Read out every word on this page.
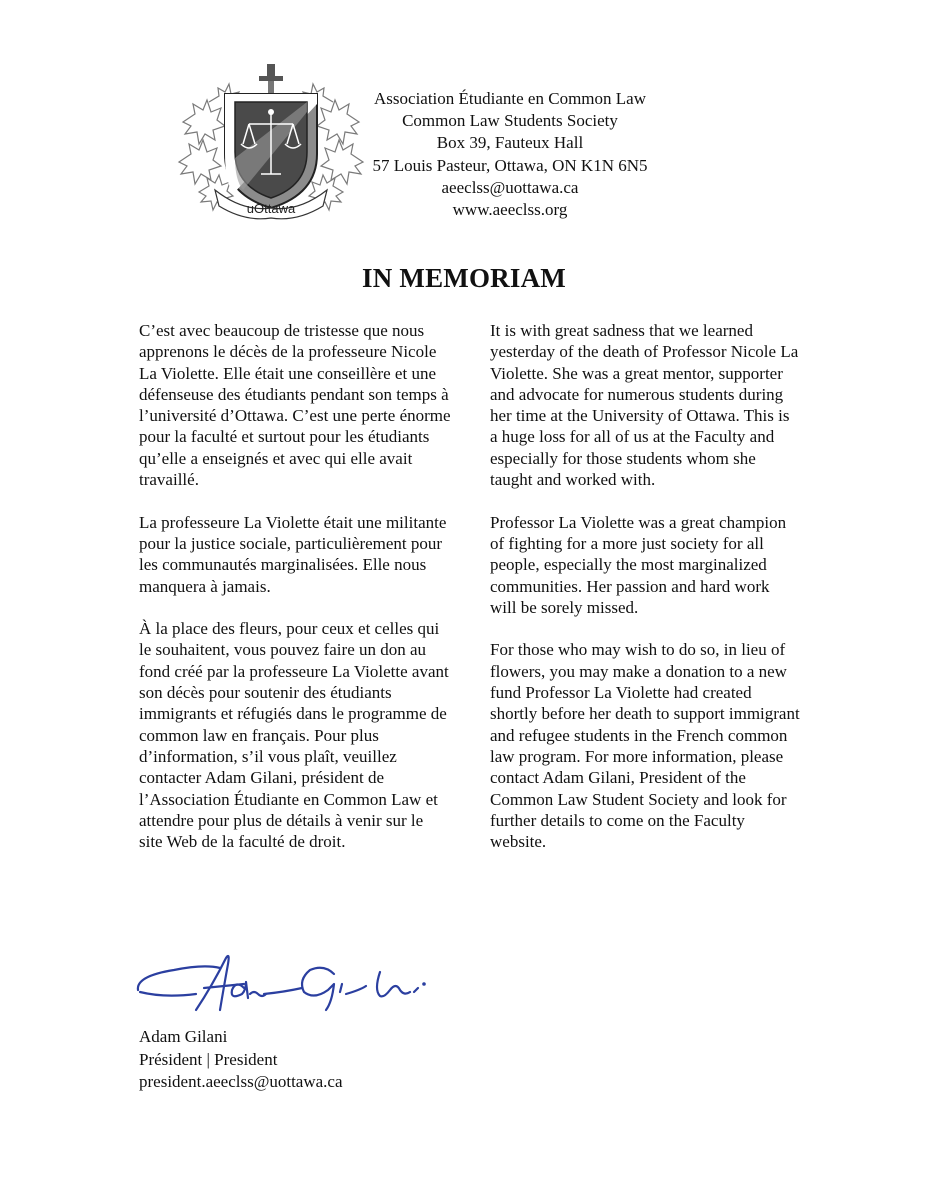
uOttawa
Association Étudiante en Common Law
Common Law Students Society
Box 39, Fauteux Hall
57 Louis Pasteur, Ottawa, ON K1N 6N5
aeeclss@uottawa.ca
www.aeeclss.org
IN MEMORIAM

C’est avec beaucoup de tristesse que nous apprenons le décès de la professeure Nicole La Violette. Elle était une conseillère et une défenseuse des étudiants pendant son temps à l’université d’Ottawa. C’est une perte énorme pour la faculté et surtout pour les étudiants qu’elle a enseignés et avec qui elle avait travaillé.

La professeure La Violette était une militante pour la justice sociale, particulièrement pour les communautés marginalisées. Elle nous manquera à jamais.

À la place des fleurs, pour ceux et celles qui le souhaitent, vous pouvez faire un don au fond créé par la professeure La Violette avant son décès pour soutenir des étudiants immigrants et réfugiés dans le programme de common law en français. Pour plus d’information, s’il vous plaît, veuillez contacter Adam Gilani, président de l’Association Étudiante en Common Law et attendre pour plus de détails à venir sur le site Web de la faculté de droit.

It is with great sadness that we learned yesterday of the death of Professor Nicole La Violette. She was a great mentor, supporter and advocate for numerous students during her time at the University of Ottawa. This is a huge loss for all of us at the Faculty and especially for those students whom she taught and worked with.

Professor La Violette was a great champion of fighting for a more just society for all people, especially the most marginalized communities. Her passion and hard work will be sorely missed.

For those who may wish to do so, in lieu of flowers, you may make a donation to a new fund Professor La Violette had created shortly before her death to support immigrant and refugee students in the French common law program. For more information, please contact Adam Gilani, President of the Common Law Student Society and look for further details to come on the Faculty website.

Adam Gilani
Président | President
president.aeeclss@uottawa.ca
